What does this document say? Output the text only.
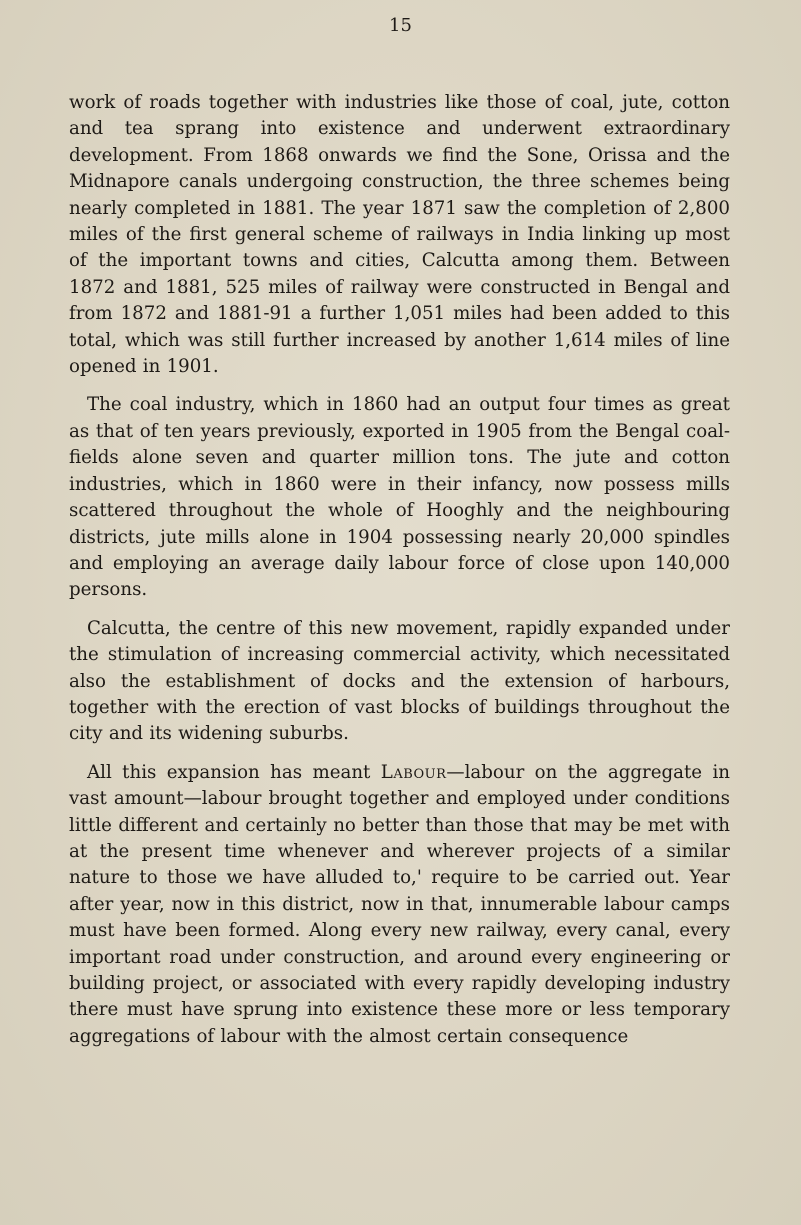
15

work of roads together with industries like those of coal, jute, cotton and tea sprang into existence and underwent extraordinary development. From 1868 onwards we find the Sone, Orissa and the Midnapore canals undergoing construction, the three schemes being nearly completed in 1881. The year 1871 saw the completion of 2,800 miles of the first general scheme of railways in India linking up most of the important towns and cities, Calcutta among them. Between 1872 and 1881, 525 miles of railway were constructed in Bengal and from 1872 and 1881-91 a further 1,051 miles had been added to this total, which was still further increased by another 1,614 miles of line opened in 1901.

The coal industry, which in 1860 had an output four times as great as that of ten years previously, exported in 1905 from the Bengal coal-fields alone seven and quarter million tons. The jute and cotton industries, which in 1860 were in their infancy, now possess mills scattered throughout the whole of Hooghly and the neighbouring districts, jute mills alone in 1904 possessing nearly 20,000 spindles and employing an average daily labour force of close upon 140,000 persons.

Calcutta, the centre of this new movement, rapidly expanded under the stimulation of increasing commercial activity, which necessitated also the establishment of docks and the extension of harbours, together with the erection of vast blocks of buildings throughout the city and its widening suburbs.

All this expansion has meant Labour—labour on the aggregate in vast amount—labour brought together and employed under conditions little different and certainly no better than those that may be met with at the present time whenever and wherever projects of a similar nature to those we have alluded to,' require to be carried out. Year after year, now in this district, now in that, innumerable labour camps must have been formed. Along every new railway, every canal, every important road under construction, and around every engineering or building project, or associated with every rapidly developing industry there must have sprung into existence these more or less temporary aggregations of labour with the almost certain consequence
